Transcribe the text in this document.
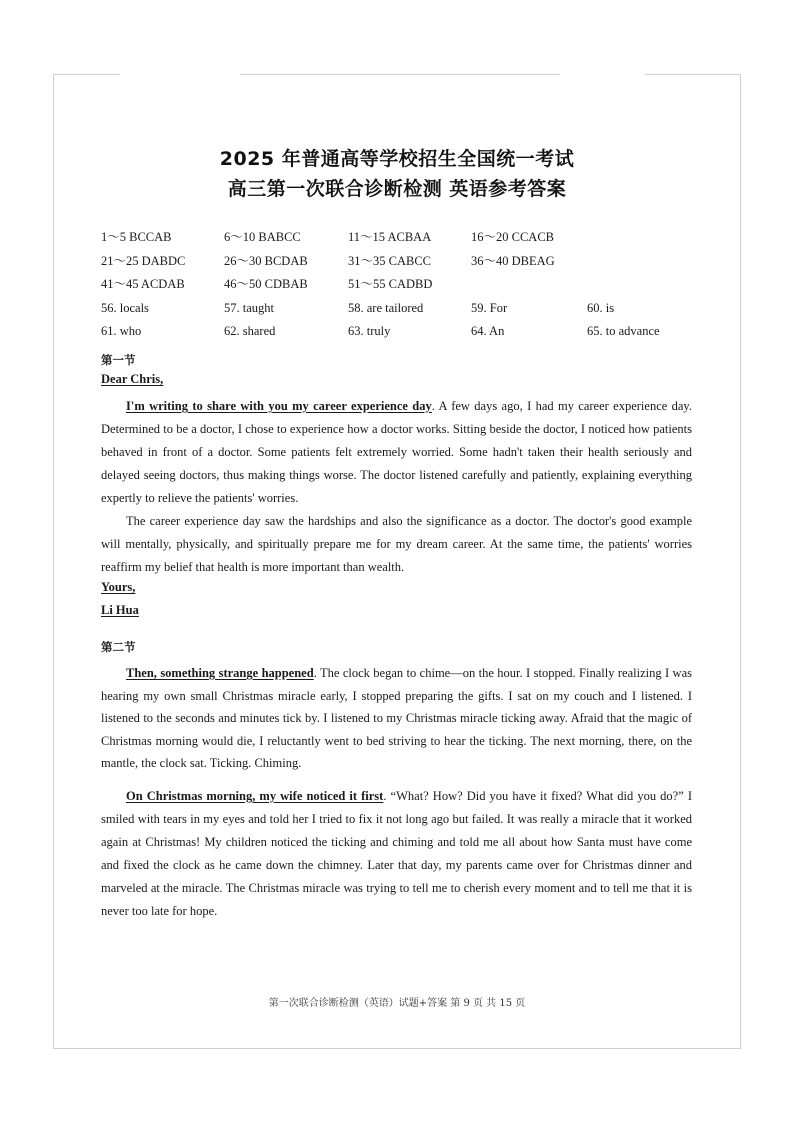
2025 年普通高等学校招生全国统一考试
高三第一次联合诊断检测 英语参考答案
1～5 BCCAB	6～10 BABCC	11～15 ACBAA	16～20 CCACB
21～25 DABDC	26～30 BCDAB	31～35 CABCC	36～40 DBEAG
41～45 ACDAB	46～50 CDBAB	51～55 CADBD
56. locals	57. taught	58. are tailored	59. For	60. is
61. who	62. shared	63. truly	64. An	65. to advance
第一节
Dear Chris,

I'm writing to share with you my career experience day. A few days ago, I had my career experience day. Determined to be a doctor, I chose to experience how a doctor works. Sitting beside the doctor, I noticed how patients behaved in front of a doctor. Some patients felt extremely worried. Some hadn't taken their health seriously and delayed seeing doctors, thus making things worse. The doctor listened carefully and patiently, explaining everything expertly to relieve the patients' worries.

The career experience day saw the hardships and also the significance as a doctor. The doctor's good example will mentally, physically, and spiritually prepare me for my dream career. At the same time, the patients' worries reaffirm my belief that health is more important than wealth.

Yours,
Li Hua
第二节

Then, something strange happened. The clock began to chime—on the hour. I stopped. Finally realizing I was hearing my own small Christmas miracle early, I stopped preparing the gifts. I sat on my couch and I listened. I listened to the seconds and minutes tick by. I listened to my Christmas miracle ticking away. Afraid that the magic of Christmas morning would die, I reluctantly went to bed striving to hear the ticking. The next morning, there, on the mantle, the clock sat. Ticking. Chiming.

On Christmas morning, my wife noticed it first. “What? How? Did you have it fixed? What did you do?” I smiled with tears in my eyes and told her I tried to fix it not long ago but failed. It was really a miracle that it worked again at Christmas! My children noticed the ticking and chiming and told me all about how Santa must have come and fixed the clock as he came down the chimney. Later that day, my parents came over for Christmas dinner and marveled at the miracle. The Christmas miracle was trying to tell me to cherish every moment and to tell me that it is never too late for hope.

第一次联合诊断检测（英语）试题+答案 第 9 页 共 15 页
